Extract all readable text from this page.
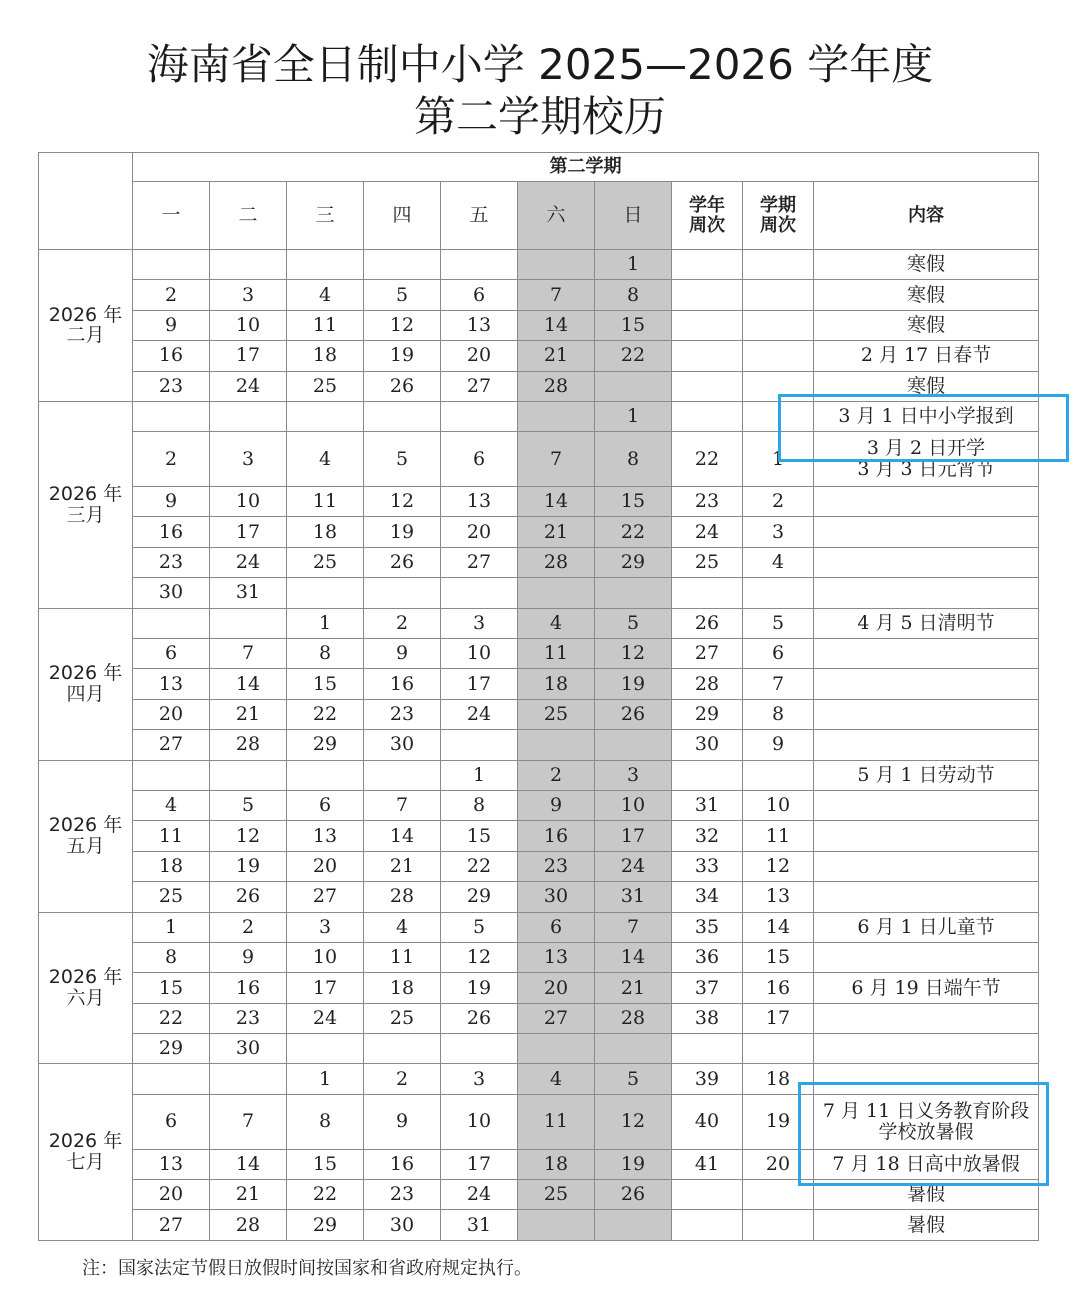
海南省全日制中小学 2025—2026 学年度
第二学期校历
	第二学期									
	一	二	三	四	五	六	日	学年周次	学期周次	内容
2026 年 二月							1			寒假
	2	3	4	5	6	7	8			寒假
	9	10	11	12	13	14	15			寒假
	16	17	18	19	20	21	22			2 月 17 日春节
	23	24	25	26	27	28				寒假
2026 年 三月							1			3 月 1 日中小学报到
	2	3	4	5	6	7	8	22	1	3 月 2 日开学
3 月 3 日元宵节
	9	10	11	12	13	14	15	23	2	
	16	17	18	19	20	21	22	24	3	
	23	24	25	26	27	28	29	25	4	
	30	31								
2026 年 四月			1	2	3	4	5	26	5	4 月 5 日清明节
	6	7	8	9	10	11	12	27	6	
	13	14	15	16	17	18	19	28	7	
	20	21	22	23	24	25	26	29	8	
	27	28	29	30				30	9	
2026 年 五月					1	2	3			5 月 1 日劳动节
	4	5	6	7	8	9	10	31	10	
	11	12	13	14	15	16	17	32	11	
	18	19	20	21	22	23	24	33	12	
	25	26	27	28	29	30	31	34	13	
2026 年 六月	1	2	3	4	5	6	7	35	14	6 月 1 日儿童节
	8	9	10	11	12	13	14	36	15	
	15	16	17	18	19	20	21	37	16	6 月 19 日端午节
	22	23	24	25	26	27	28	38	17	
	29	30								
2026 年 七月			1	2	3	4	5	39	18	
	6	7	8	9	10	11	12	40	19	7 月 11 日义务教育阶段
学校放暑假
	13	14	15	16	17	18	19	41	20	7 月 18 日高中放暑假
	20	21	22	23	24	25	26			暑假
	27	28	29	30	31					暑假
注：国家法定节假日放假时间按国家和省政府规定执行。
